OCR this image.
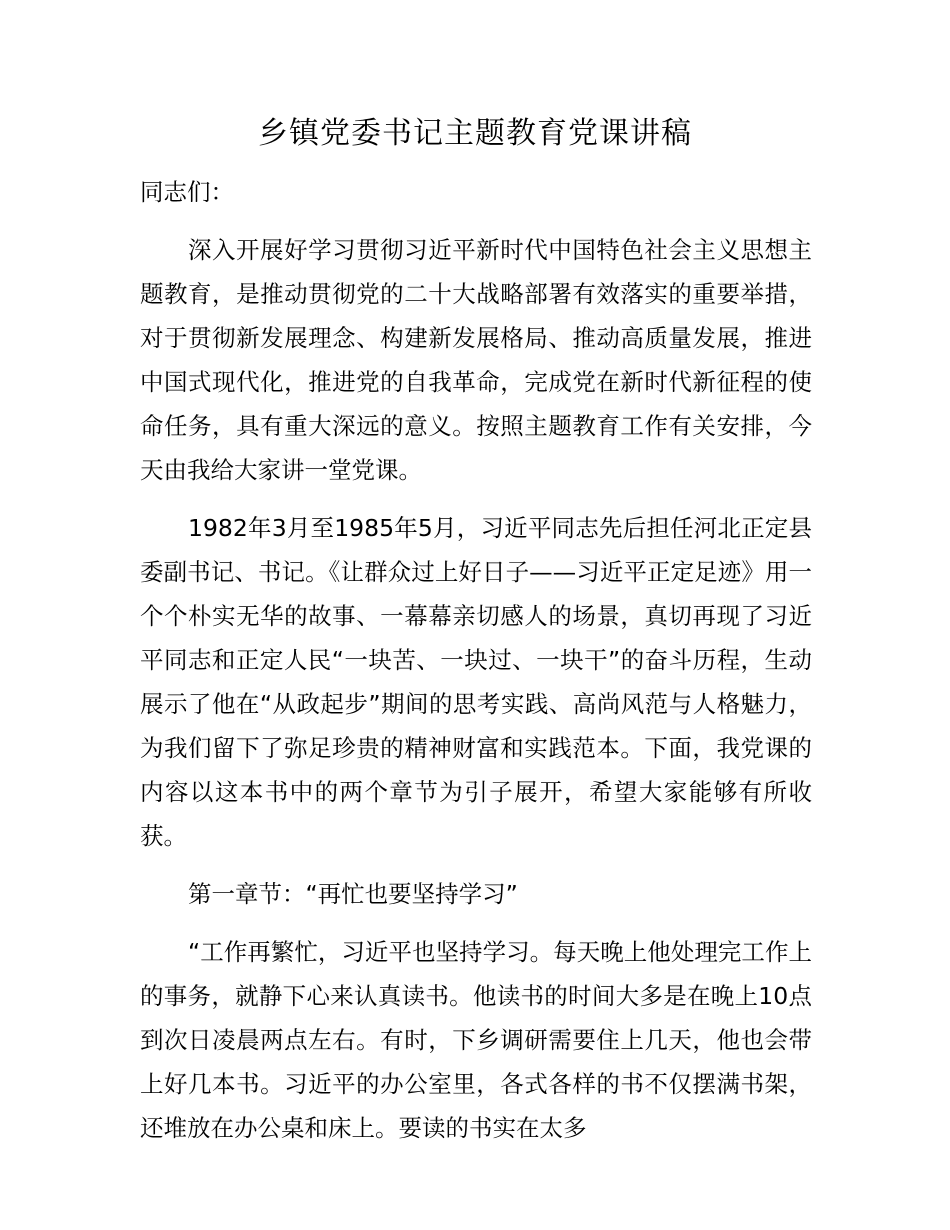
乡镇党委书记主题教育党课讲稿

同志们：

深入开展好学习贯彻习近平新时代中国特色社会主义思想主题教育，是推动贯彻党的二十大战略部署有效落实的重要举措，对于贯彻新发展理念、构建新发展格局、推动高质量发展，推进中国式现代化，推进党的自我革命，完成党在新时代新征程的使命任务，具有重大深远的意义。按照主题教育工作有关安排，今天由我给大家讲一堂党课。

1982年3月至1985年5月，习近平同志先后担任河北正定县委副书记、书记。《让群众过上好日子——习近平正定足迹》用一个个朴实无华的故事、一幕幕亲切感人的场景，真切再现了习近平同志和正定人民“一块苦、一块过、一块干”的奋斗历程，生动展示了他在“从政起步”期间的思考实践、高尚风范与人格魅力，为我们留下了弥足珍贵的精神财富和实践范本。下面，我党课的内容以这本书中的两个章节为引子展开，希望大家能够有所收获。

第一章节：“再忙也要坚持学习”

“工作再繁忙，习近平也坚持学习。每天晚上他处理完工作上的事务，就静下心来认真读书。他读书的时间大多是在晚上10点到次日凌晨两点左右。有时，下乡调研需要住上几天，他也会带上好几本书。习近平的办公室里，各式各样的书不仅摆满书架，还堆放在办公桌和床上。要读的书实在太多
